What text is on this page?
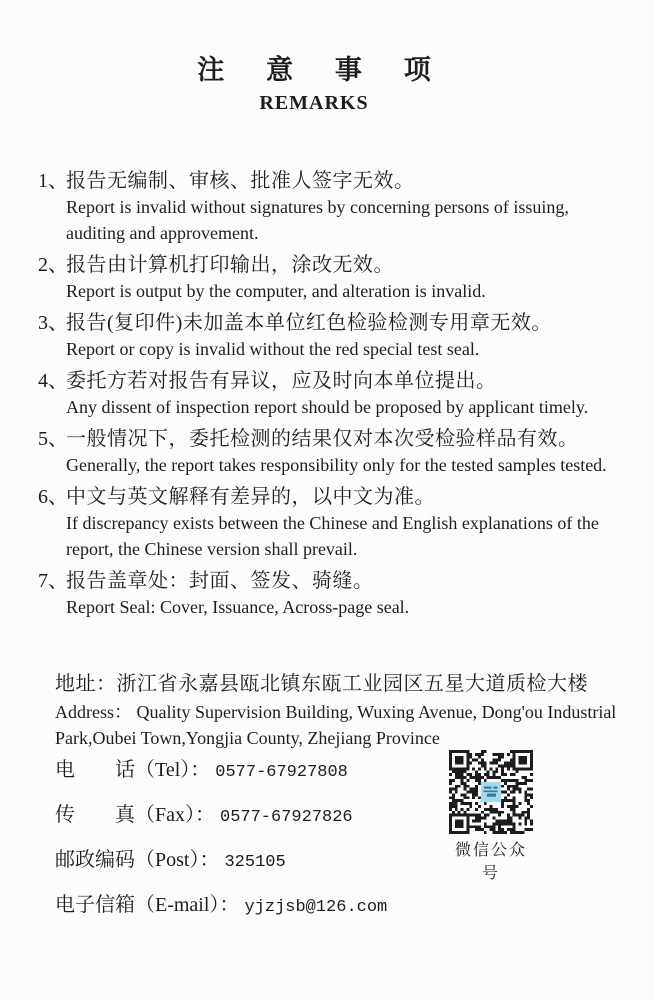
注意事项
REMARKS
1、
报告无编制、审核、批准人签字无效。
Report is invalid without signatures by concerning persons of issuing,
auditing and approvement.
2、
报告由计算机打印输出，涂改无效。
Report is output by the computer, and alteration is invalid.
3、
报告(复印件)未加盖本单位红色检验检测专用章无效。
Report or copy is invalid without the red special test seal.
4、
委托方若对报告有异议，应及时向本单位提出。
Any dissent of inspection report should be proposed by applicant timely.
5、
一般情况下，委托检测的结果仅对本次受检验样品有效。
Generally, the report takes responsibility only for the tested samples tested.
6、
中文与英文解释有差异的，以中文为准。
If discrepancy exists between the Chinese and English explanations of the
report, the Chinese version shall prevail.
7、
报告盖章处：封面、签发、骑缝。
Report Seal: Cover, Issuance, Across-page seal.
地址：浙江省永嘉县瓯北镇东瓯工业园区五星大道质检大楼
Address： Quality Supervision Building, Wuxing Avenue, Dong'ou Industrial
Park,Oubei Town,Yongjia County, Zhejiang Province
电　　话（Tel）： 0577-67927808
传　　真（Fax）： 0577-67927826
邮政编码（Post）： 325105
电子信箱（E-mail）： yjzjsb@126.com
微信公众号
